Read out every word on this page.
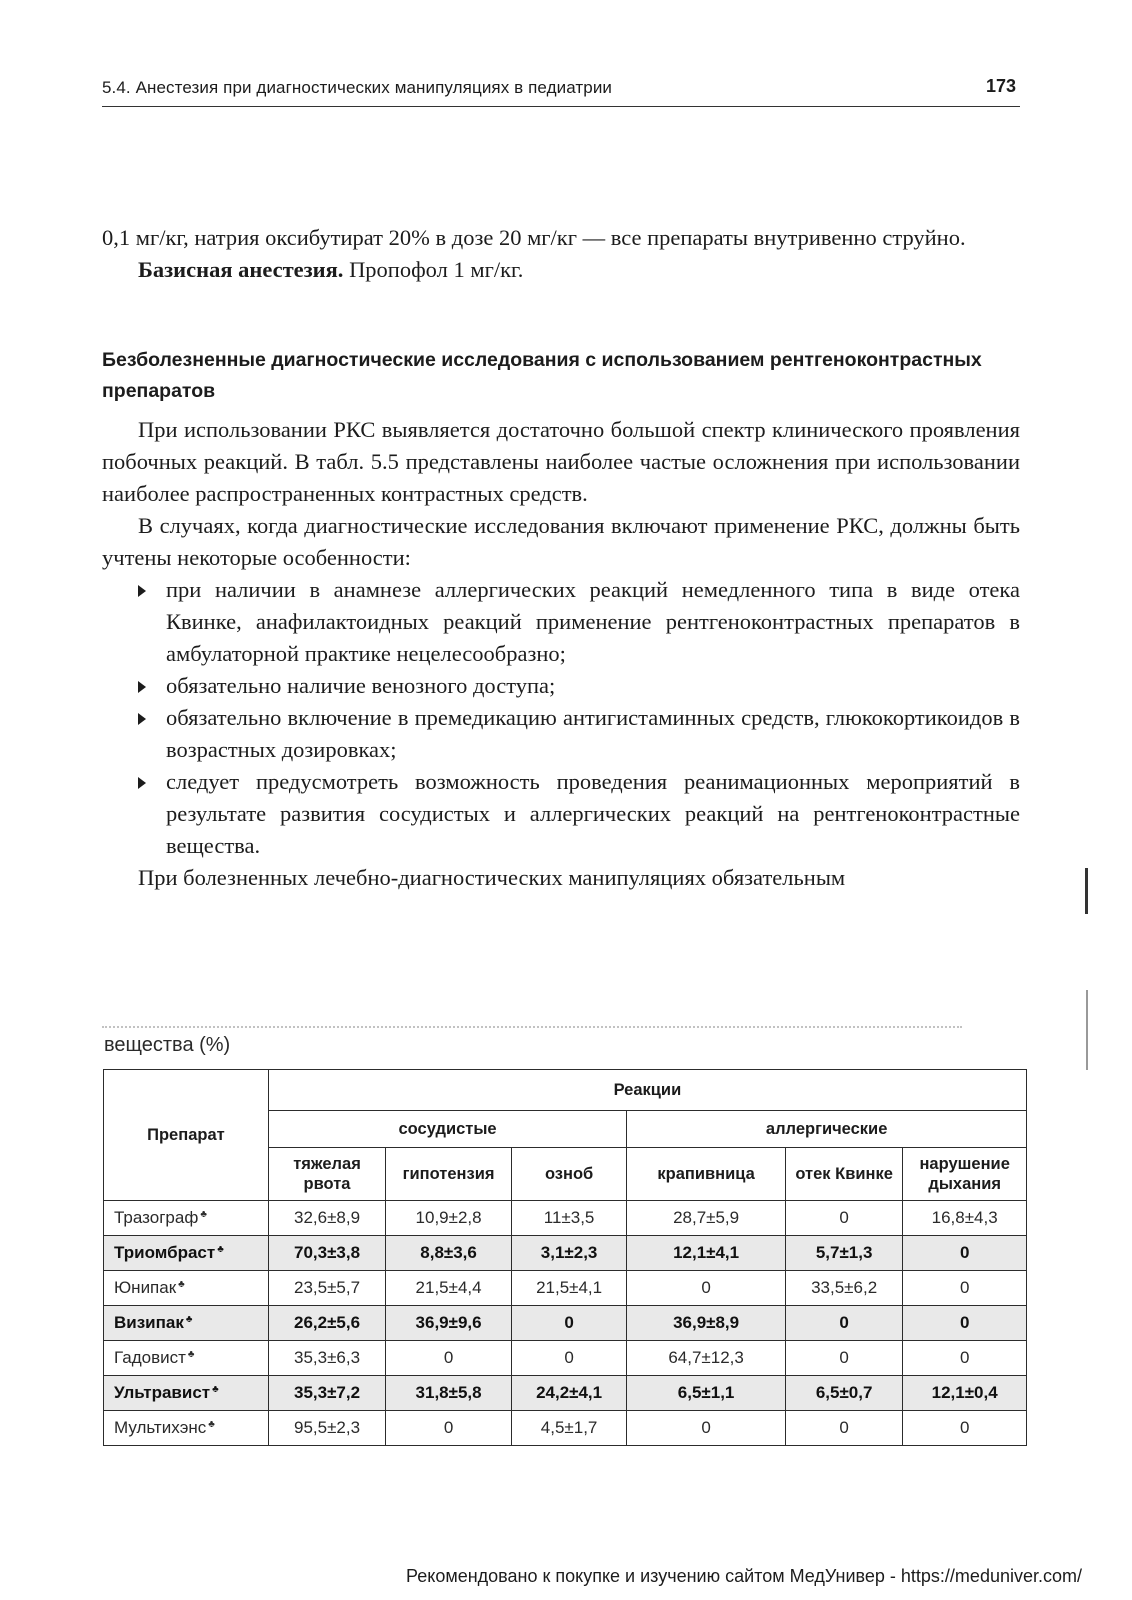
5.4. Анестезия при диагностических манипуляциях в педиатрии	173

0,1 мг/кг, натрия оксибутират 20% в дозе 20 мг/кг — все препараты внутривенно струйно.

Базисная анестезия. Пропофол 1 мг/кг.

Безболезненные диагностические исследования с использованием рентгеноконтрастных препаратов

При использовании РКС выявляется достаточно большой спектр клинического проявления побочных реакций. В табл. 5.5 представлены наиболее частые осложнения при использовании наиболее распространенных контрастных средств.

В случаях, когда диагностические исследования включают применение РКС, должны быть учтены некоторые особенности:

при наличии в анамнезе аллергических реакций немедленного типа в виде отека Квинке, анафилактоидных реакций применение рентгеноконтрастных препаратов в амбулаторной практике нецелесообразно;
обязательно наличие венозного доступа;
обязательно включение в премедикацию антигистаминных средств, глюкокортикоидов в возрастных дозировках;
следует предусмотреть возможность проведения реанимационных мероприятий в результате развития сосудистых и аллергических реакций на рентгеноконтрастные вещества.

При болезненных лечебно-диагностических манипуляциях обязательным

вещества (%)
Препарат	Реакции					
	сосудистые			аллергические		
	тяжелая рвота	гипотензия	озноб	крапивница	отек Квинке	нарушение дыхания
Тразограф ♣	32,6±8,9	10,9±2,8	11±3,5	28,7±5,9	0	16,8±4,3
Триомбраст ♣	70,3±3,8	8,8±3,6	3,1±2,3	12,1±4,1	5,7±1,3	0
Юнипак ♣	23,5±5,7	21,5±4,4	21,5±4,1	0	33,5±6,2	0
Визипак ♣	26,2±5,6	36,9±9,6	0	36,9±8,9	0	0
Гадовист ♣	35,3±6,3	0	0	64,7±12,3	0	0
Ультравист ♣	35,3±7,2	31,8±5,8	24,2±4,1	6,5±1,1	6,5±0,7	12,1±0,4
Мультихэнс ♣	95,5±2,3	0	4,5±1,7	0	0	0
Рекомендовано к покупке и изучению сайтом МедУнивер - https://meduniver.com/
